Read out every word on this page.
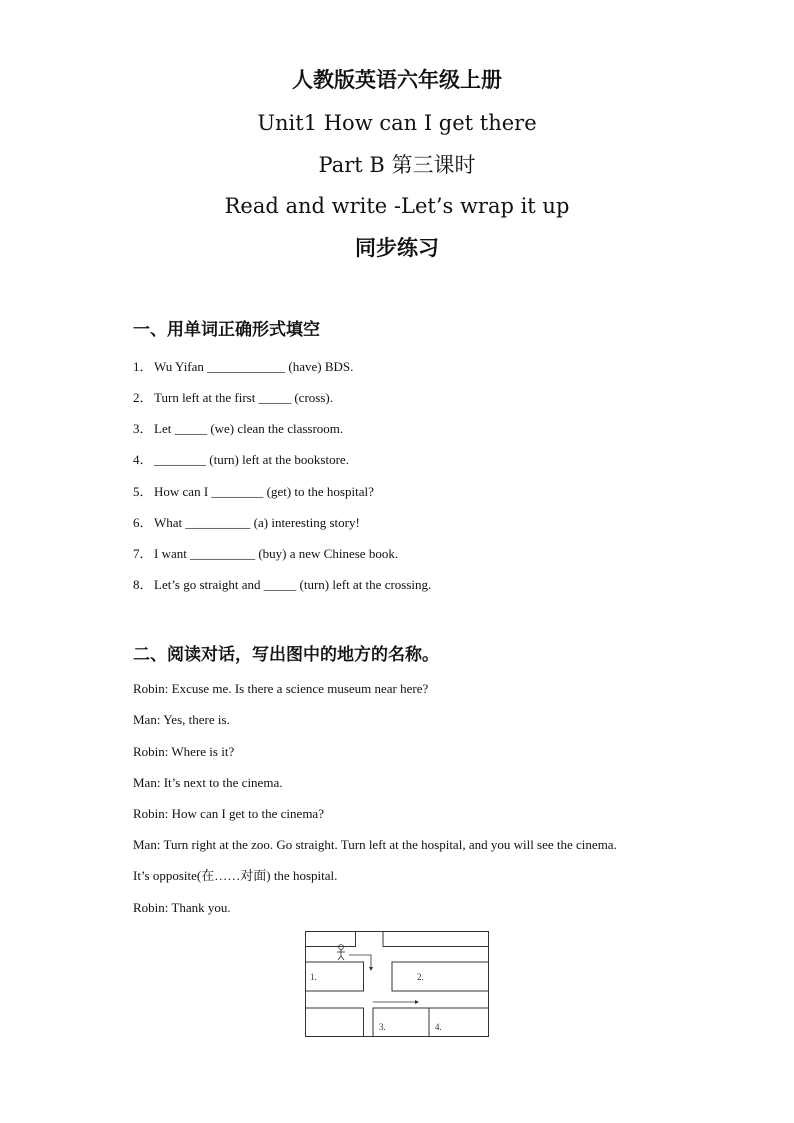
人教版英语六年级上册
Unit1 How can I get there
Part B 第三课时
Read and write -Let’s wrap it up
同步练习
一、用单词正确形式填空
1．Wu Yifan ____________ (have) BDS.
2．Turn left at the first _____ (cross).
3．Let _____ (we) clean the classroom.
4．________ (turn) left at the bookstore.
5．How can I ________ (get) to the hospital?
6．What __________ (a) interesting story!
7．I want __________ (buy) a new Chinese book.
8．Let’s go straight and _____ (turn) left at the crossing.
二、阅读对话，写出图中的地方的名称。
Robin: Excuse me. Is there a science museum near here?
Man: Yes, there is.
Robin: Where is it?
Man: It’s next to the cinema.
Robin: How can I get to the cinema?
Man: Turn right at the zoo. Go straight. Turn left at the hospital, and you will see the cinema.
It’s opposite(在……对面) the hospital.
Robin: Thank you.
1.	2.
3.	4.
